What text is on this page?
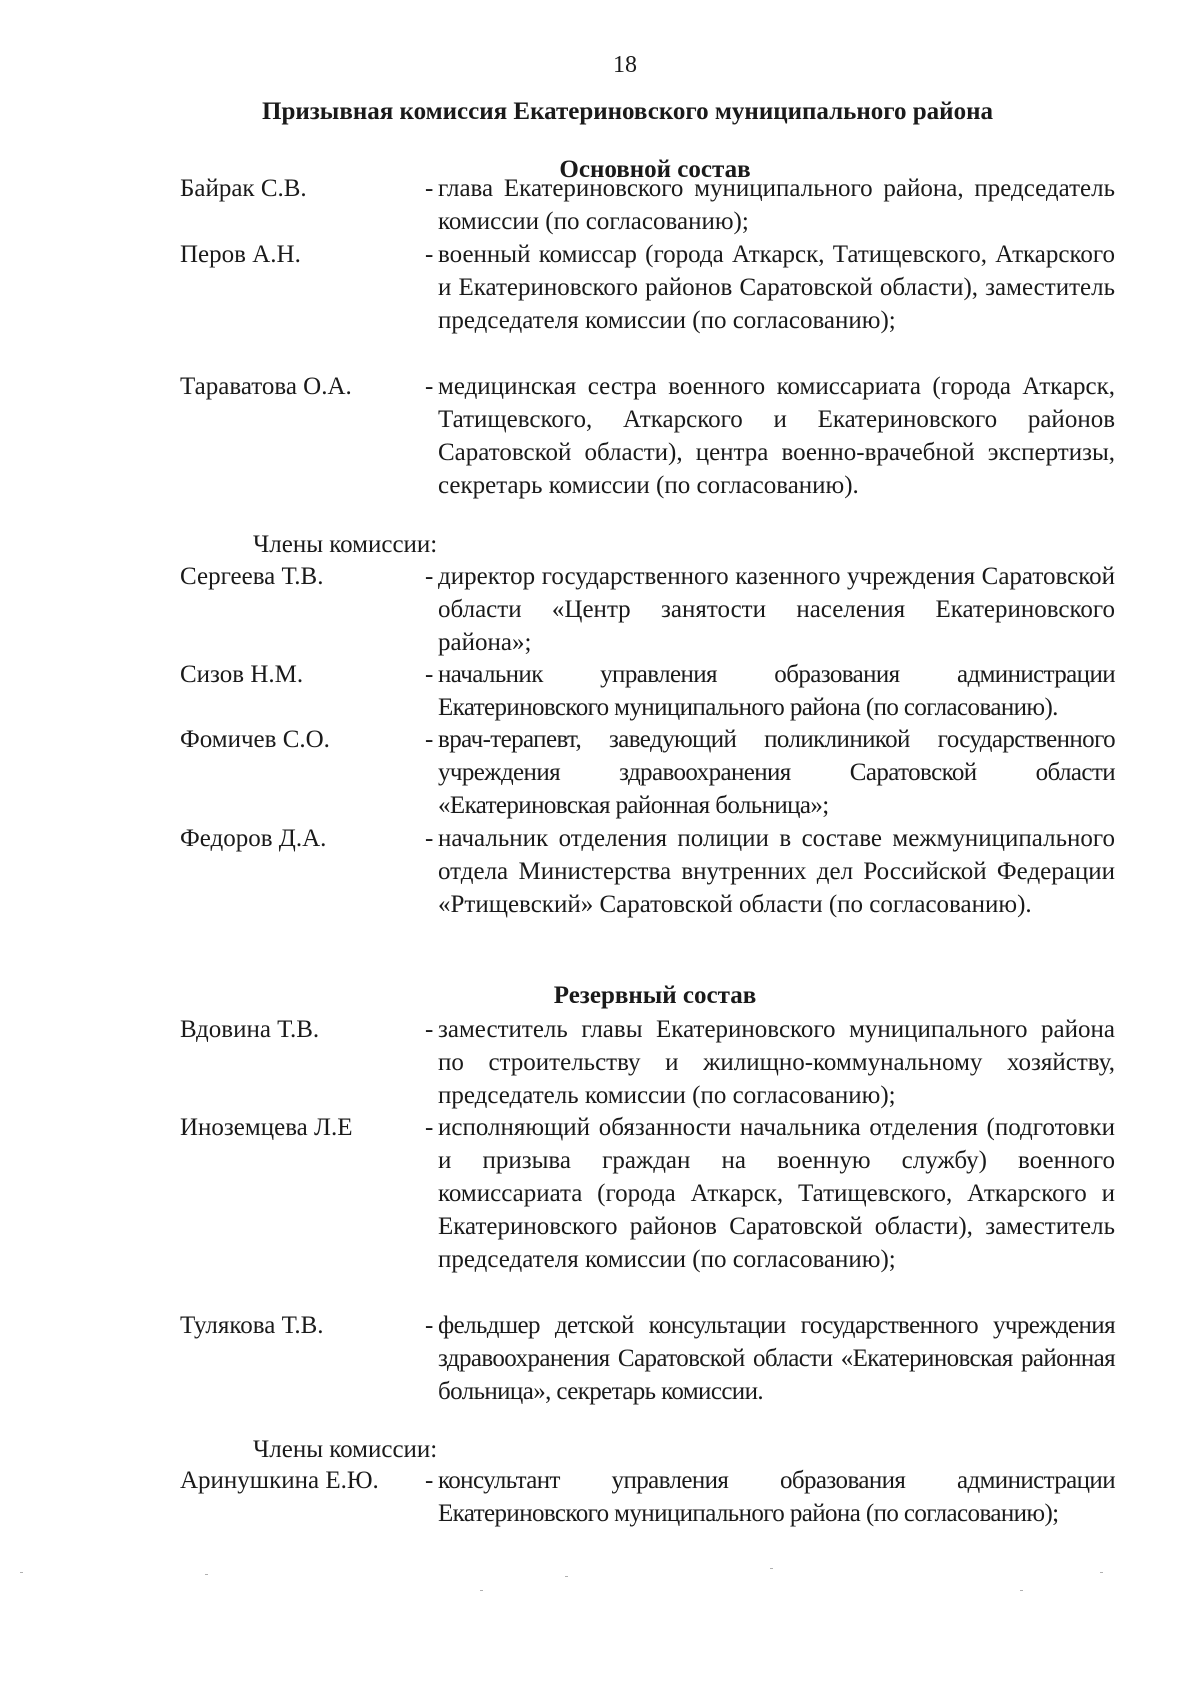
18
Призывная комиссия Екатериновского муниципального района
Основной состав
Байрак С.В.	- глава Екатериновского муниципального района, председатель комиссии (по согласованию);
Перов А.Н.	- военный комиссар (города Аткарск, Татищевского, Аткарского и Екатериновского районов Саратовской области), заместитель председателя комиссии (по согласованию);
Тараватова О.А.	- медицинская сестра военного комиссариата (города Аткарск, Татищевского, Аткарского и Екатериновского районов Саратовской области), центра военно-врачебной экспертизы, секретарь комиссии (по согласованию).
Члены комиссии:
Сергеева Т.В.	- директор государственного казенного учреждения Саратовской области «Центр занятости населения Екатериновского района»;
Сизов Н.М.	- начальник управления образования администрации Екатериновского муниципального района (по согласованию).
Фомичев С.О.	- врач-терапевт, заведующий поликлиникой государственного учреждения здравоохранения Саратовской области «Екатериновская районная больница»;
Федоров Д.А.	- начальник отделения полиции в составе межмуниципального отдела Министерства внутренних дел Российской Федерации «Ртищевский» Саратовской области (по согласованию).
Резервный состав
Вдовина Т.В.	- заместитель главы Екатериновского муниципального района по строительству и жилищно-коммунальному хозяйству, председатель комиссии (по согласованию);
Иноземцева Л.Е	- исполняющий обязанности начальника отделения (подготовки и призыва граждан на военную службу) военного комиссариата (города Аткарск, Татищевского, Аткарского и Екатериновского районов Саратовской области), заместитель председателя комиссии (по согласованию);
Тулякова Т.В.	- фельдшер детской консультации государственного учреждения здравоохранения Саратовской области «Екатериновская районная больница», секретарь комиссии.
Члены комиссии:
Аринушкина Е.Ю. - консультант управления образования администрации Екатериновского муниципального района (по согласованию);
